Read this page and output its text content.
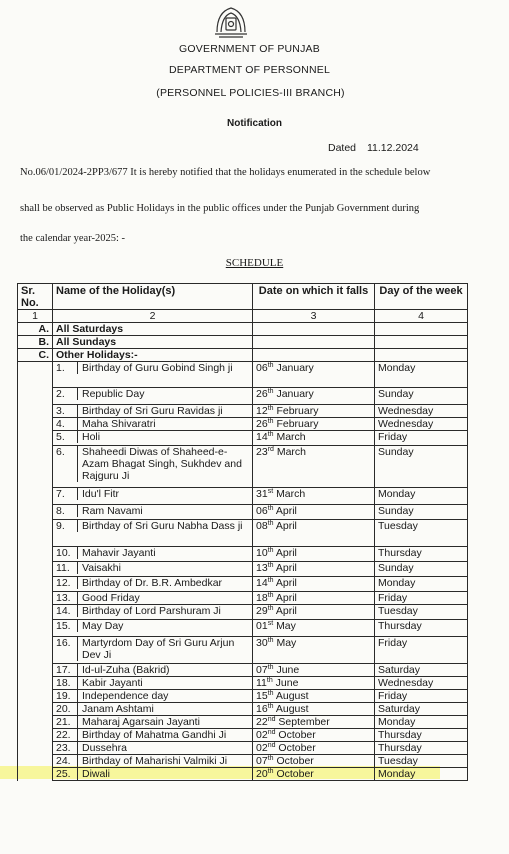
GOVERNMENT OF PUNJAB
DEPARTMENT OF PERSONNEL
(PERSONNEL POLICIES-III BRANCH)
Notification
Dated 11.12.2024
No.06/01/2024-2PP3/677 It is hereby notified that the holidays enumerated in the schedule below
shall be observed as Public Holidays in the public offices under the Punjab Government during
the calendar year-2025: -
SCHEDULE
Sr. No.	Name of the Holiday(s)	Date on which it falls	Day of the week
1	2	3	4
A.	All Saturdays		
B.	All Sundays		
C.	Other Holidays:-		
	1. Birthday of Guru Gobind Singh ji	06th January	Monday
	2. Republic Day	26th January	Sunday
	3. Birthday of Sri Guru Ravidas ji	12th February	Wednesday
	4. Maha Shivaratri	26th February	Wednesday
	5. Holi	14th March	Friday
	6. Shaheedi Diwas of Shaheed-e-Azam Bhagat Singh, Sukhdev and Rajguru Ji	23rd March	Sunday
	7. Idu'l Fitr	31st March	Monday
	8. Ram Navami	06th April	Sunday
	9. Birthday of Sri Guru Nabha Dass ji	08th April	Tuesday
	10. Mahavir Jayanti	10th April	Thursday
	11. Vaisakhi	13th April	Sunday
	12. Birthday of Dr. B.R. Ambedkar	14th April	Monday
	13. Good Friday	18th April	Friday
	14. Birthday of Lord Parshuram Ji	29th April	Tuesday
	15. May Day	01st May	Thursday
	16. Martyrdom Day of Sri Guru Arjun Dev Ji	30th May	Friday
	17. Id-ul-Zuha (Bakrid)	07th June	Saturday
	18. Kabir Jayanti	11th June	Wednesday
	19. Independence day	15th August	Friday
	20. Janam Ashtami	16th August	Saturday
	21. Maharaj Agarsain Jayanti	22nd September	Monday
	22. Birthday of Mahatma Gandhi Ji	02nd October	Thursday
	23. Dussehra	02nd October	Thursday
	24. Birthday of Maharishi Valmiki Ji	07th October	Tuesday
	25. Diwali	20th October	Monday
